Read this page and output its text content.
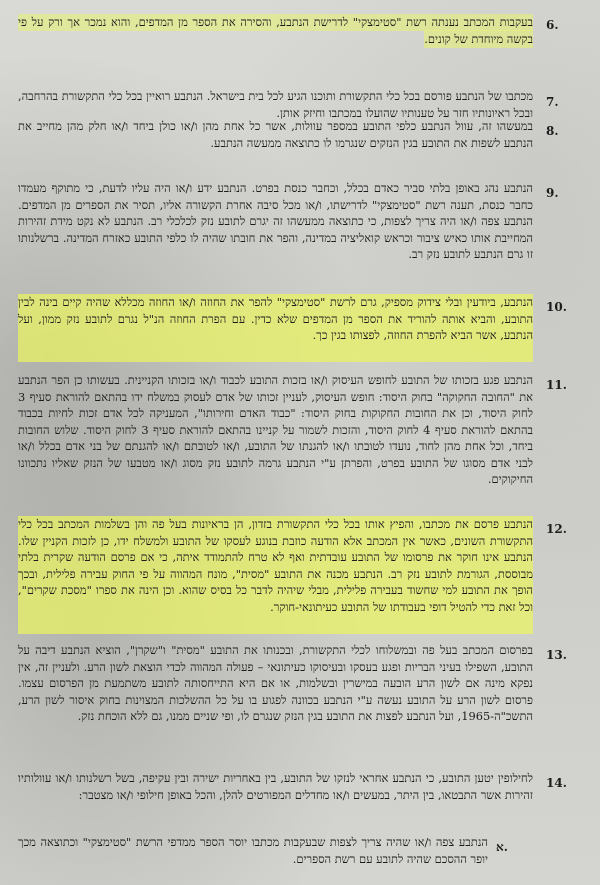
6.
בעקבות המכתב נענתה רשת "סטימצקי" לדרישת הנתבע, והסירה את הספר מן המדפים, והוא נמכר אך ורק על פי בקשה מיוחדת של קונים.
7.
מכתבו של הנתבע פורסם בכל כלי התקשורת ותוכנו הגיע לכל בית בישראל. הנתבע רואיין בכל כלי התקשורת בהרחבה, ובכל ראיונותיו חזר על טענותיו שהועלו במכתבו וחיזק אותן.
8.
במעשהו זה, עוול הנתבע כלפי התובע במספר עוולות, אשר כל אחת מהן ו/או כולן ביחד ו/או חלק מהן מחייב את הנתבע לשפות את התובע בגין הנזקים שנגרמו לו כתוצאה ממעשה הנתבע.
9.
הנתבע נהג באופן בלתי סביר כאדם בכלל, וכחבר כנסת בפרט. הנתבע ידע ו/או היה עליו לדעת, כי מתוקף מעמדו כחבר כנסת, תענה רשת "סטימצקי" לדרישתו, ו/או מכל סיבה אחרת הקשורה אליו, תסיר את הספרים מן המדפים. הנתבע צפה ו/או היה צריך לצפות, כי כתוצאה ממעשהו זה יגרם לתובע נזק לכלכלי רב. הנתבע לא נקט מידת זהירות המחייבת אותו כאיש ציבור וכראש קואליציה במדינה, והפר את חובתו שהיה לו כלפי התובע כאזרח המדינה. ברשלנותו זו גרם הנתבע לתובע נזק רב.
10.
הנתבע, ביודעין ובלי צידוק מספיק, גרם לרשת "סטימצקי" להפר את החוזה ו/או החוזה מכללא שהיה קיים בינה לבין התובע, והביא אותה להוריד את הספר מן המדפים שלא כדין. עם הפרת החוזה הנ"ל נגרם לתובע נזק ממון, ועל הנתבע, אשר הביא להפרת החוזה, לפצותו בגין כך.
11.
הנתבע פגע בזכותו של התובע לחופש העיסוק ו/או בזכות התובע לכבוד ו/או בזכותו הקניינית. בעשותו כן הפר הנתבע את "החובה החקוקה" בחוק היסוד: חופש העיסוק, לעניין זכותו של אדם לעסוק במשלח ידו בהתאם להוראת סעיף 3 לחוק היסוד, וכן את החובות החקוקות בחוק היסוד: "כבוד האדם וחירותו", המעניקה לכל אדם זכות לחיות בכבוד בהתאם להוראת סעיף 4 לחוק היסוד, והזכות לשמור על קניינו בהתאם להוראת סעיף 3 לחוק היסוד. שלוש החובות ביחד, וכל אחת מהן לחוד, נועדו לטובתו ו/או להגנתו של התובע, ו/או לטובתם ו/או להגנתם של בני אדם בכלל ו/או לבני אדם מסוגו של התובע בפרט, והפרתן ע"י הנתבע גרמה לתובע נזק מסוג ו/או מטבעו של הנזק שאליו נתכוונו החיקוקים.
12.
הנתבע פרסם את מכתבו, והפיץ אותו בכל כלי התקשורת בזדון, הן בראיונות בעל פה והן בשלמות המכתב בכל כלי התקשורת השונים, כאשר אין המכתב אלא הודעה כוזבת בנוגע לעסקו של התובע ולמשלח ידו, כן לזכות הקניין שלו. הנתבע אינו חוקר את פרסומו של התובע עובדתית ואף לא טרח להתמודד איתה, כי אם פרסם הודעה שקרית בלתי מבוססת, הגורמת לתובע נזק רב. הנתבע מכנה את התובע "מסית", מונח המהווה על פי החוק עבירה פלילית, ובכך הופך את התובע למי שחשוד בעבירה פלילית, מבלי שיהיה לדבר כל בסיס שהוא. וכן הינה את ספרו "מסכת שקרים", וכל זאת כדי להטיל דופי בעבודתו של התובע כעיתונאי-חוקר.
13.
בפרסום המכתב בעל פה ובמשלוחו לכלי התקשורת, ובכנותו את התובע "מסית" ו"שקרן", הוציא הנתבע דיבה על התובע, השפילו בעיני הבריות ופגע בעסקו ובעיסוקו כעיתונאי – פעולה המהווה לכדי הוצאת לשון הרע. ולעניין זה, אין נפקא מינה אם לשון הרע הובעה במישרין ובשלמות, או אם היא התייחסותה לתובע משתמעת מן הפרסום עצמו. פרסום לשון הרע על התובע נעשה ע"י הנתבע בכוונה לפגוע בו על כל ההשלכות המצוינות בחוק איסור לשון הרע, התשכ"ה-1965, ועל הנתבע לפצות את התובע בגין הנזק שנגרם לו, ופי שניים ממנו, גם ללא הוכחת נזק.
14.
לחילופין יטען התובע, כי הנתבע אחראי לנזקו של התובע, בין באחריות ישירה ובין עקיפה, בשל רשלנותו ו/או עוולותיו זהירות אשר התבטאו, בין היתר, במעשים ו/או מחדלים המפורטים להלן, והכל באופן חילופי ו/או מצטבר:
א.
הנתבע צפה ו/או שהיה צריך לצפות שבעקבות מכתבו יוסר הספר ממדפי הרשת "סטימצקי" וכתוצאה מכך יופר ההסכם שהיה לתובע עם רשת הספרים.
